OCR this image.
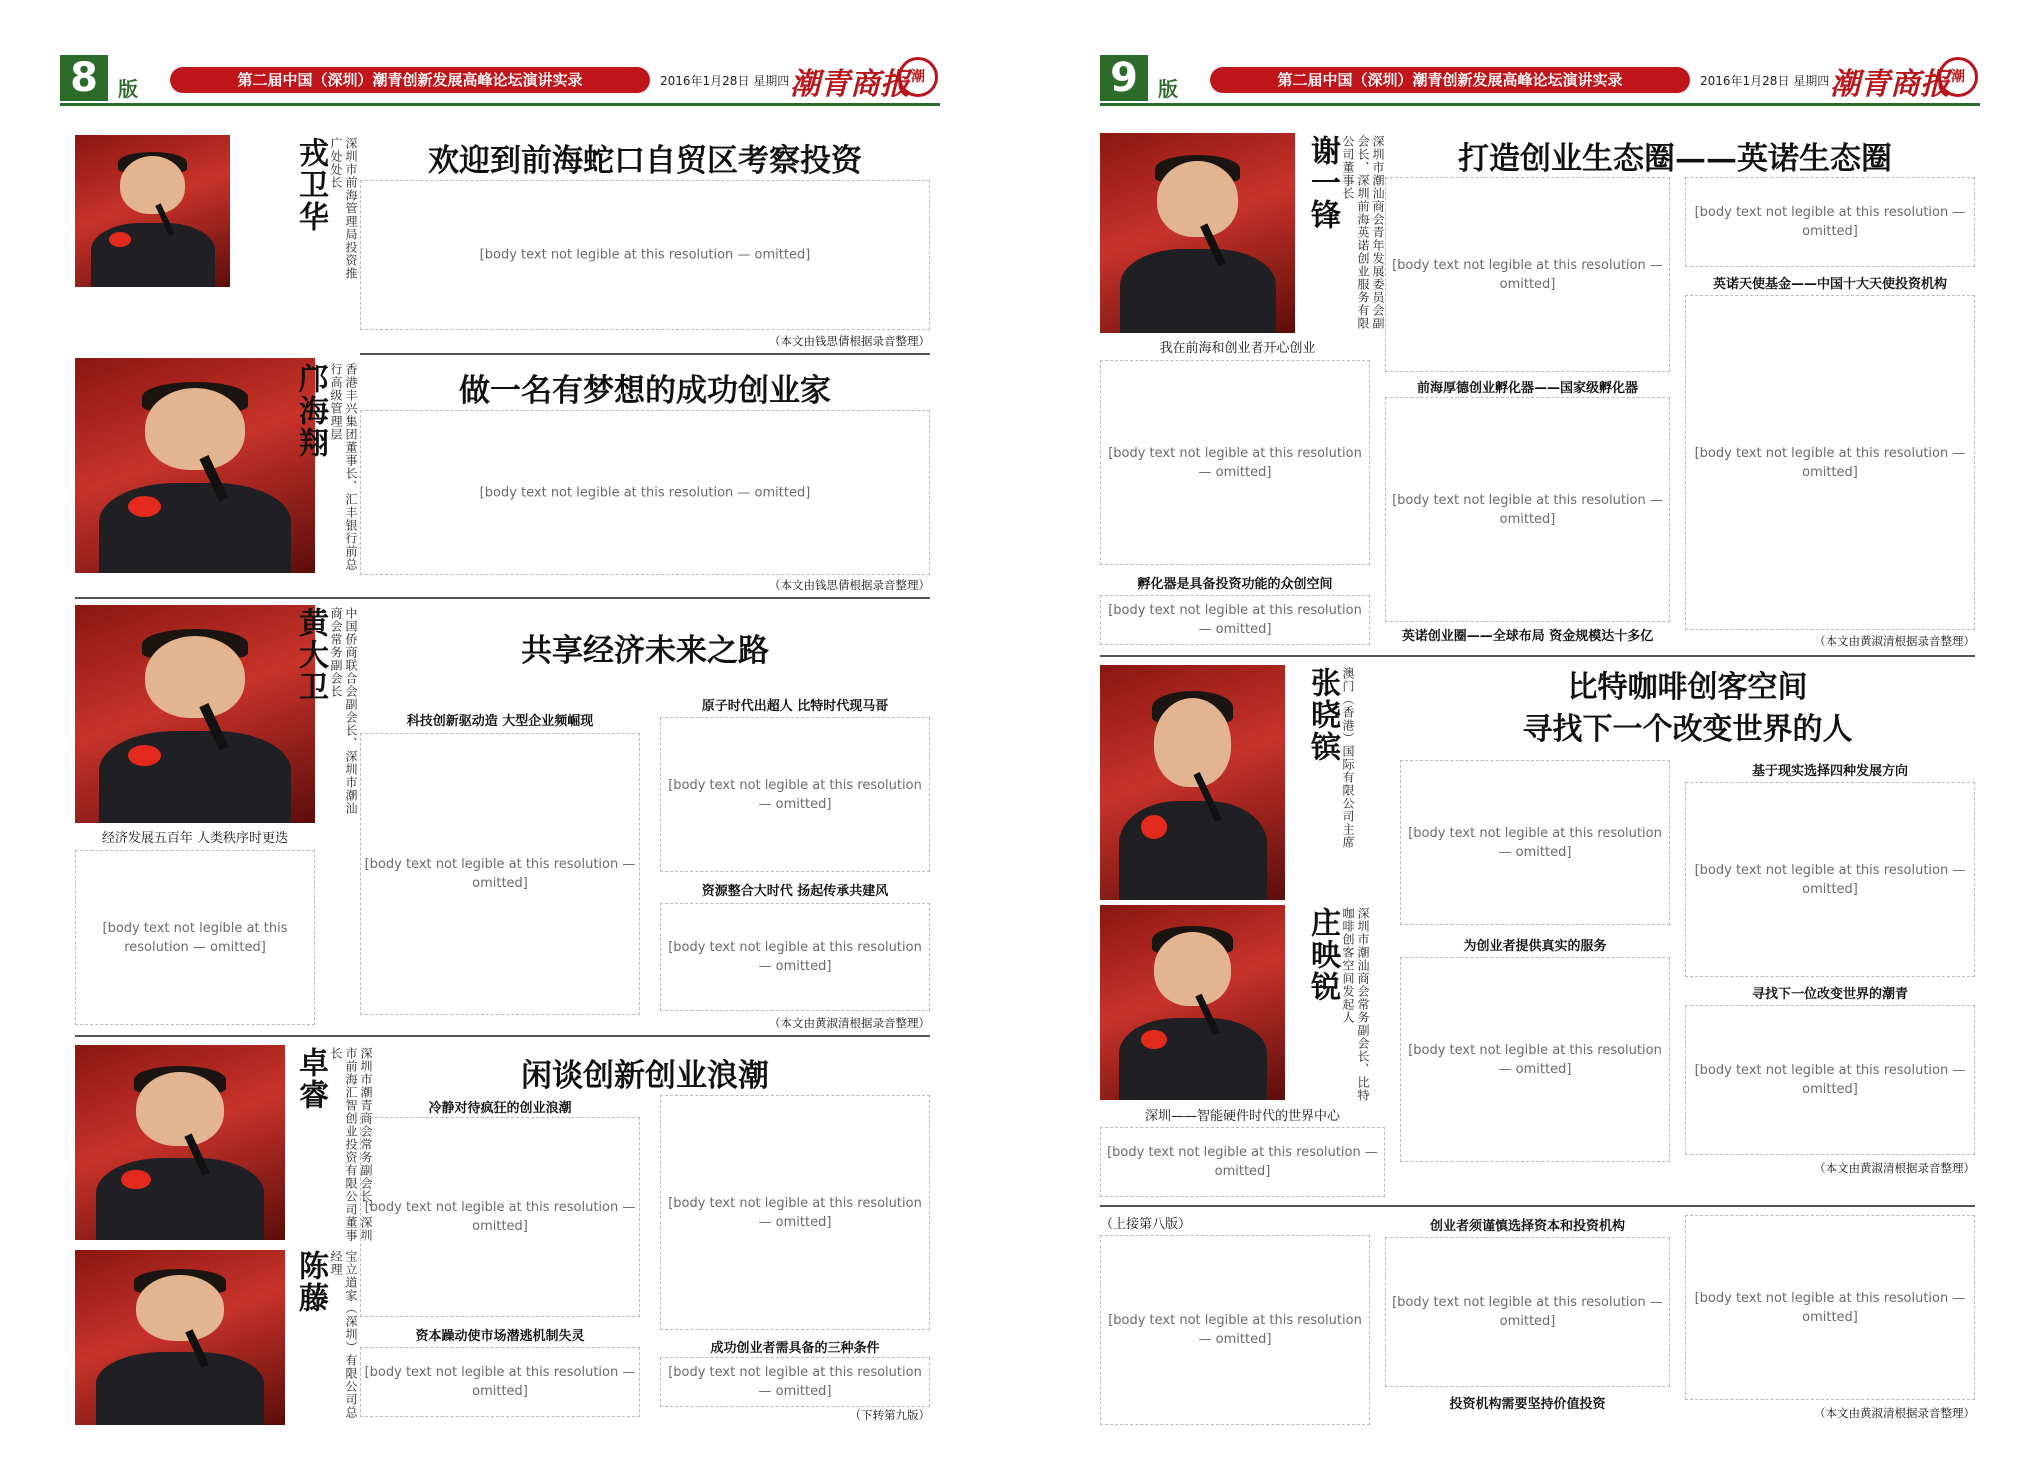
8	版	第二届中国（深圳）潮青创新发展高峰论坛演讲实录	2016年1月28日 星期四 潮青商报 潮
戎卫华	深圳市前海管理局投资推广处处长	欢迎到前海蛇口自贸区考察投资
[body text not legible at this resolution — omitted]
（本文由钱思倩根据录音整理）
邝海翔	香港丰兴集团董事长、汇丰银行前总行高级管理层	做一名有梦想的成功创业家
[body text not legible at this resolution — omitted]
（本文由钱思倩根据录音整理）
黄大卫	中国侨商联合会副会长、深圳市潮汕商会常务副会长	共享经济未来之路
经济发展五百年 人类秩序时更迭
[body text not legible at this resolution — omitted]
科技创新驱动造 大型企业频崛现
原子时代出超人 比特时代现马哥
资源整合大时代 扬起传承共建风
[body text not legible at this resolution — omitted]
[body text not legible at this resolution — omitted]
[body text not legible at this resolution — omitted]
（本文由黄淑清根据录音整理）
卓睿	深圳市潮青商会常务副会长、深圳市前海汇智创业投资有限公司董事长
闲谈创新创业浪潮
冷静对待疯狂的创业浪潮
资本躁动使市场潜逃机制失灵
成功创业者需具备的三种条件
[body text not legible at this resolution — omitted]
[body text not legible at this resolution — omitted]
[body text not legible at this resolution — omitted]
[body text not legible at this resolution — omitted]
（下转第九版）
陈藤	宝立道家（深圳）有限公司总经理
9	版	第二届中国（深圳）潮青创新发展高峰论坛演讲实录	2016年1月28日 星期四 潮青商报 潮
谢一锋	深圳市潮汕商会青年发展委员会副会长、深圳前海英诺创业服务有限公司董事长	打造创业生态圈——英诺生态圈
我在前海和创业者开心创业
[body text not legible at this resolution — omitted]
孵化器是具备投资功能的众创空间
[body text not legible at this resolution — omitted]
[body text not legible at this resolution — omitted]
前海厚德创业孵化器——国家级孵化器
[body text not legible at this resolution — omitted]
英诺创业圈——全球布局 资金规模达十多亿
[body text not legible at this resolution — omitted]
英诺天使基金——中国十大天使投资机构
[body text not legible at this resolution — omitted]
（本文由黄淑清根据录音整理）
张晓镔 澳门（香港）国际有限公司主席	比特咖啡创客空间
寻找下一个改变世界的人
[body text not legible at this resolution — omitted]
为创业者提供真实的服务
[body text not legible at this resolution — omitted]
基于现实选择四种发展方向
[body text not legible at this resolution — omitted]
寻找下一位改变世界的潮青
[body text not legible at this resolution — omitted]
（本文由黄淑清根据录音整理）
庄映锐	深圳市潮汕商会常务副会长、比特咖啡创客空间发起人
深圳——智能硬件时代的世界中心
[body text not legible at this resolution — omitted]
（上接第八版）
[body text not legible at this resolution — omitted]
创业者须谨慎选择资本和投资机构
[body text not legible at this resolution — omitted]
投资机构需要坚持价值投资
[body text not legible at this resolution — omitted]
（本文由黄淑清根据录音整理）
